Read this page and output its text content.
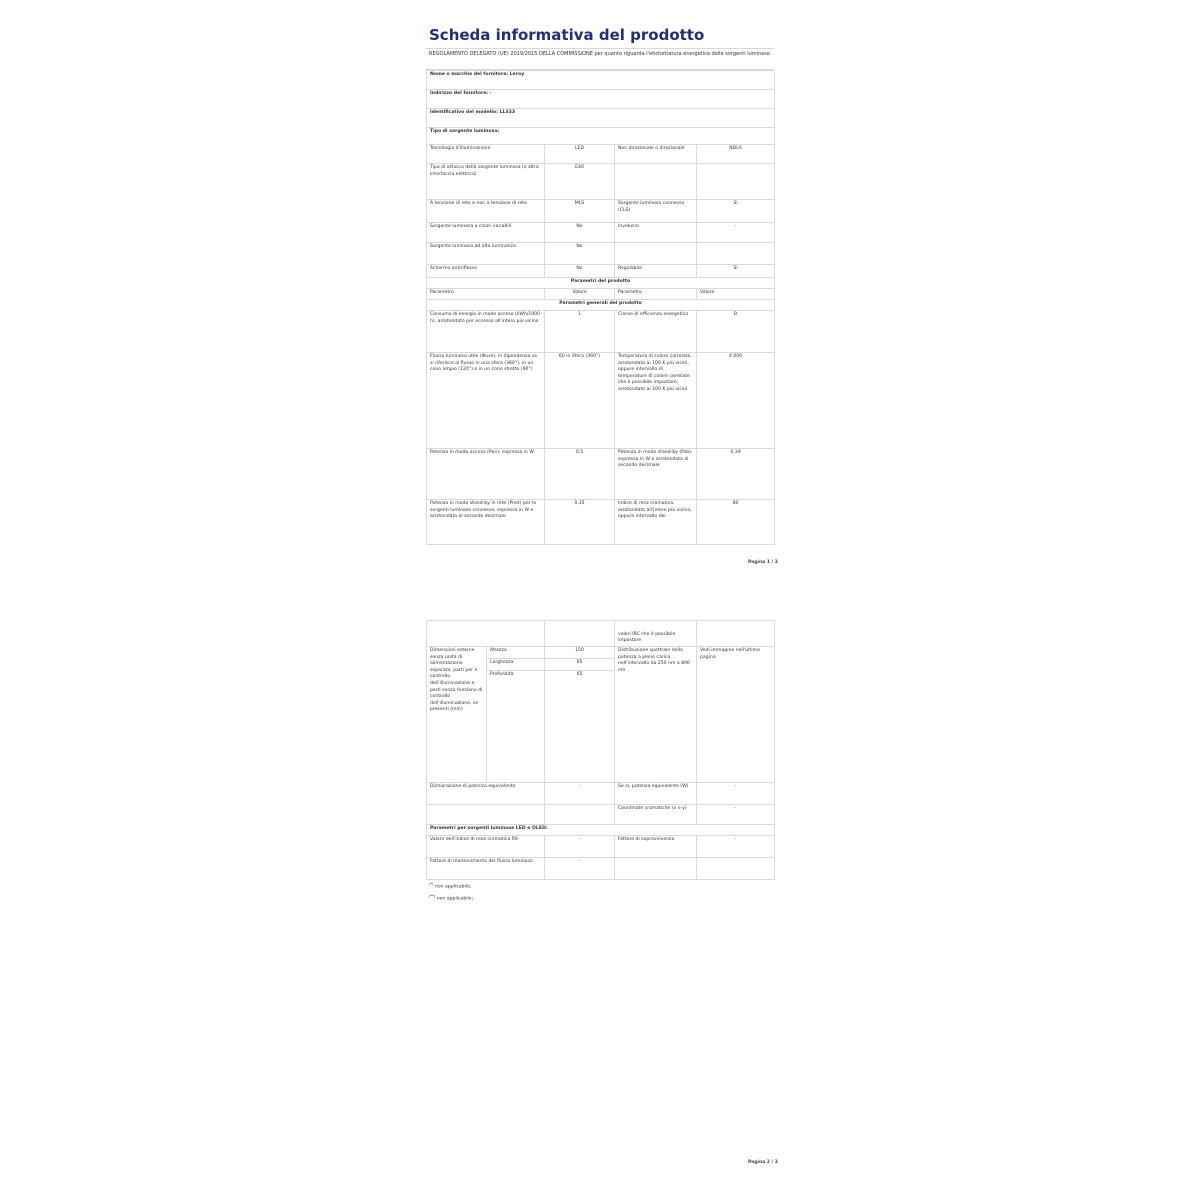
Scheda informativa del prodotto
REGOLAMENTO DELEGATO (UE) 2019/2015 DELLA COMMISSIONE per quanto riguarda l'etichettatura energetica delle sorgenti luminose
Nome o marchio del fornitore: Leroy			
Indirizzo del fornitore: -			
Identificativo del modello: LL333			
Tipo di sorgente luminosa:			
Tecnologia d'illuminazione	LED	Non direzionale o direzionale	NDLS
Tipo di attacco della sorgente luminosa (o altra interfaccia elettrica)	E40		
A tensione di rete o non a tensione di rete	MLS	Sorgente luminosa connessa (CLS)	Sì
Sorgente luminosa a colori variabili	No	Involucro	-
Sorgente luminosa ad alta luminanza	No		
Schermo antiriflesso	No	Regolabile	Sì
Parametri del prodotto			
Parametro	Valore	Parametro	Valore
Parametri generali del prodotto			
Consumo di energia in modo acceso (kWh/1000 h), arrotondato per eccesso all'intero più vicino	1	Classe di efficienza energetica	B
Flusso luminoso utile (Φuse), in dipendenza se si riferisce al flusso in una sfera (360°), in un cono ampio (120°) o in un cono stretto (90°)	60 in Sfera (360°)	Temperatura di colore correlata, arrotondata ai 100 K più vicini, oppure intervallo di temperature di colore correlate che è possibile impostare, arrotondate ai 100 K più vicini	4 000
Potenza in modo acceso (Pon), espressa in W	0,5	Potenza in modo stand-by (Psb), espressa in W e arrotondata al secondo decimale	0,39
Potenza in modo stand-by in rete (Pnet) per le sorgenti luminose connesse, espressa in W e arrotondata al secondo decimale	0,35	Indice di resa cromatica, arrotondato all'intero più vicino, oppure intervallo dei	80
Pagina 1 / 3
			valori IRC che è possibile impostare	
Dimensioni esterne senza unità di alimentazione separata, parti per il controllo dell'illuminazione e parti senza funzione di controllo dell'illuminazione, se presenti (mm)	Altezza	150	Distribuzione spettrale della potenza a pieno carico nell'intervallo da 250 nm a 800 nm	Vedi immagine nell'ultima pagina
	Larghezza	65		
	Profondità	65		
Dichiarazione di potenza equivalente		-	Se sì, potenza equivalente (W)	-
			Coordinate cromatiche (x e y)	-
Parametri per sorgenti luminose LED e OLED:				
Valore dell'indice di resa cromatica R9		-	Fattore di sopravvivenza	-
Fattore di mantenimento del flusso luminoso		-		
(*) non applicabile;
(**) non applicabile;
Pagina 2 / 3
